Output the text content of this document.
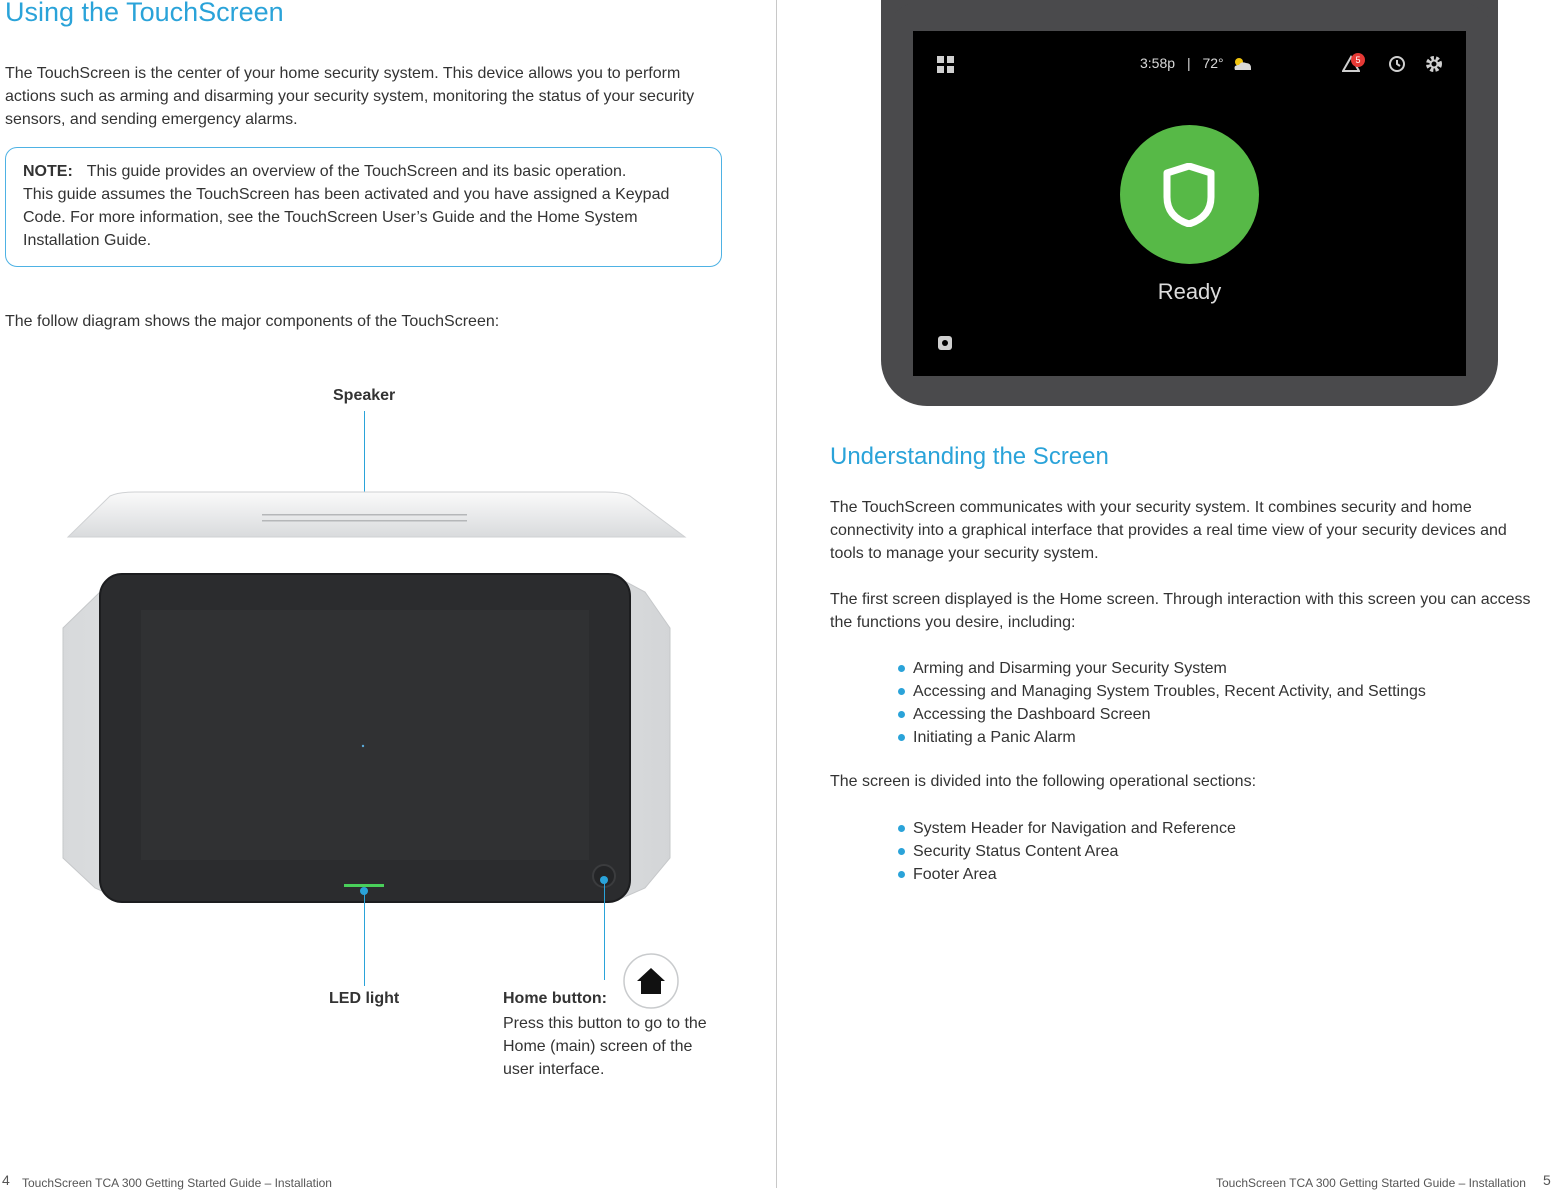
Using the TouchScreen
The TouchScreen is the center of your home security system. This device allows you to perform actions such as arming and disarming your security system, monitoring the status of your security sensors, and sending emergency alarms.
NOTE: This guide provides an overview of the TouchScreen and its basic operation.
This guide assumes the TouchScreen has been activated and you have assigned a Keypad Code. For more information, see the TouchScreen User’s Guide and the Home System Installation Guide.
The follow diagram shows the major components of the TouchScreen:
Speaker
LED light	Home button:
Press this button to go to the Home (main) screen of the user interface.
4 TouchScreen TCA 300 Getting Started Guide – Installation
3:58p | 72°	5
Ready
Understanding the Screen
The TouchScreen communicates with your security system. It combines security and home connectivity into a graphical interface that provides a real time view of your security devices and tools to manage your security system.
The first screen displayed is the Home screen. Through interaction with this screen you can access the functions you desire, including:
Arming and Disarming your Security System
Accessing and Managing System Troubles, Recent Activity, and Settings
Accessing the Dashboard Screen
Initiating a Panic Alarm
The screen is divided into the following operational sections:
System Header for Navigation and Reference
Security Status Content Area
Footer Area
TouchScreen TCA 300 Getting Started Guide – Installation 5
